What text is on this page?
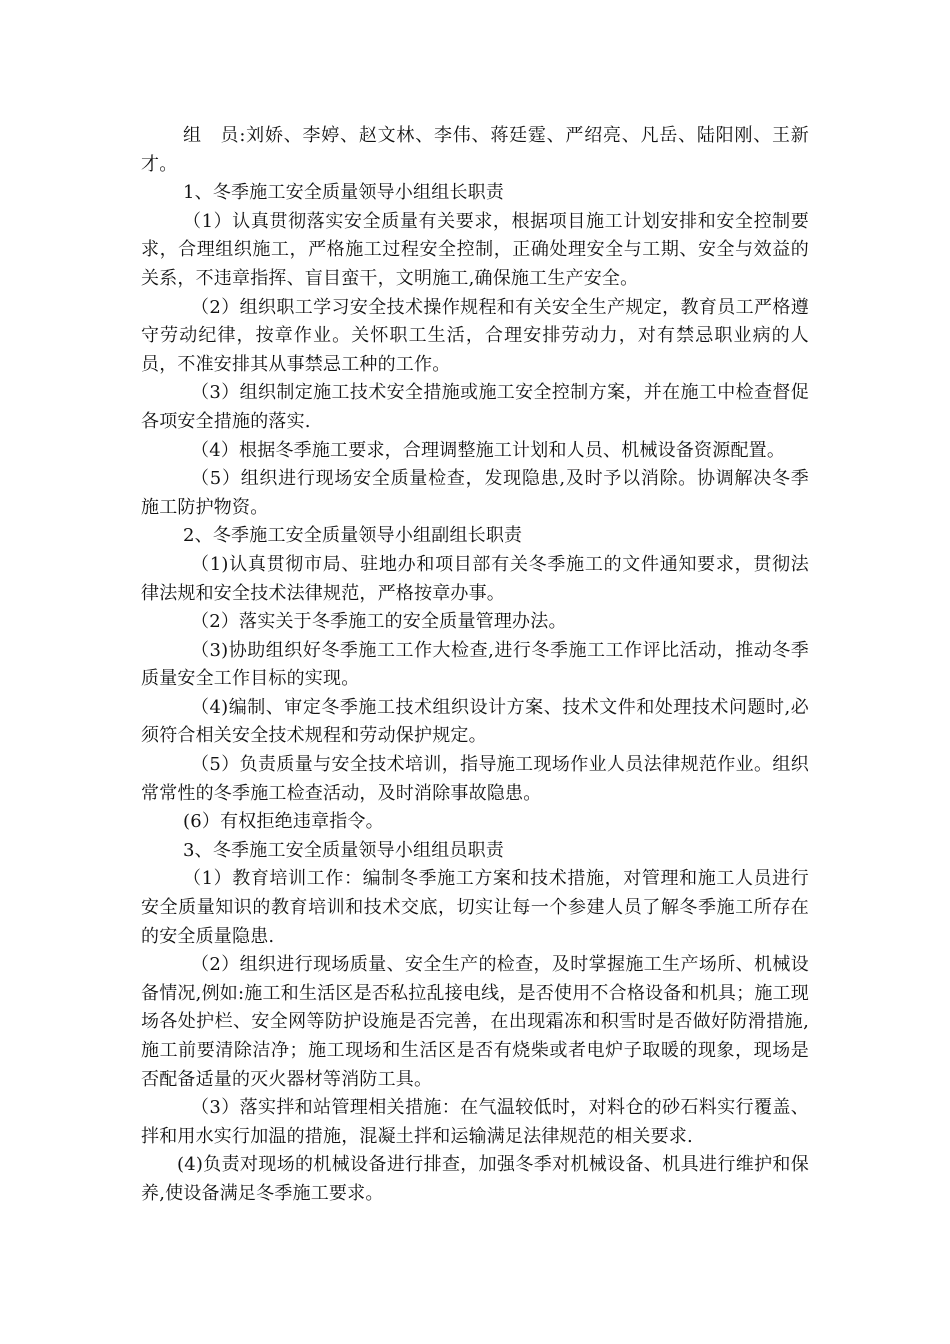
组　员:刘娇、李婷、赵文林、李伟、蒋廷霆、严绍亮、凡岳、陆阳刚、王新才。

1、冬季施工安全质量领导小组组长职责

（1）认真贯彻落实安全质量有关要求，根据项目施工计划安排和安全控制要求，合理组织施工，严格施工过程安全控制，正确处理安全与工期、安全与效益的关系，不违章指挥、盲目蛮干，文明施工,确保施工生产安全。

（2）组织职工学习安全技术操作规程和有关安全生产规定，教育员工严格遵守劳动纪律，按章作业。关怀职工生活，合理安排劳动力，对有禁忌职业病的人员，不准安排其从事禁忌工种的工作。

（3）组织制定施工技术安全措施或施工安全控制方案，并在施工中检查督促各项安全措施的落实.

（4）根据冬季施工要求，合理调整施工计划和人员、机械设备资源配置。

（5）组织进行现场安全质量检查，发现隐患,及时予以消除。协调解决冬季施工防护物资。

2、冬季施工安全质量领导小组副组长职责

（1)认真贯彻市局、驻地办和项目部有关冬季施工的文件通知要求，贯彻法律法规和安全技术法律规范，严格按章办事。

（2）落实关于冬季施工的安全质量管理办法。

（3)协助组织好冬季施工工作大检查,进行冬季施工工作评比活动，推动冬季质量安全工作目标的实现。

（4)编制、审定冬季施工技术组织设计方案、技术文件和处理技术问题时,必须符合相关安全技术规程和劳动保护规定。

（5）负责质量与安全技术培训，指导施工现场作业人员法律规范作业。组织常常性的冬季施工检查活动，及时消除事故隐患。

(6）有权拒绝违章指令。

3、冬季施工安全质量领导小组组员职责

（1）教育培训工作：编制冬季施工方案和技术措施，对管理和施工人员进行安全质量知识的教育培训和技术交底，切实让每一个参建人员了解冬季施工所存在的安全质量隐患.

（2）组织进行现场质量、安全生产的检查，及时掌握施工生产场所、机械设备情况,例如:施工和生活区是否私拉乱接电线，是否使用不合格设备和机具；施工现场各处护栏、安全网等防护设施是否完善，在出现霜冻和积雪时是否做好防滑措施,施工前要清除洁净；施工现场和生活区是否有烧柴或者电炉子取暖的现象，现场是否配备适量的灭火器材等消防工具。

（3）落实拌和站管理相关措施：在气温较低时，对料仓的砂石料实行覆盖、拌和用水实行加温的措施，混凝土拌和运输满足法律规范的相关要求.

(4)负责对现场的机械设备进行排查，加强冬季对机械设备、机具进行维护和保养,使设备满足冬季施工要求。
